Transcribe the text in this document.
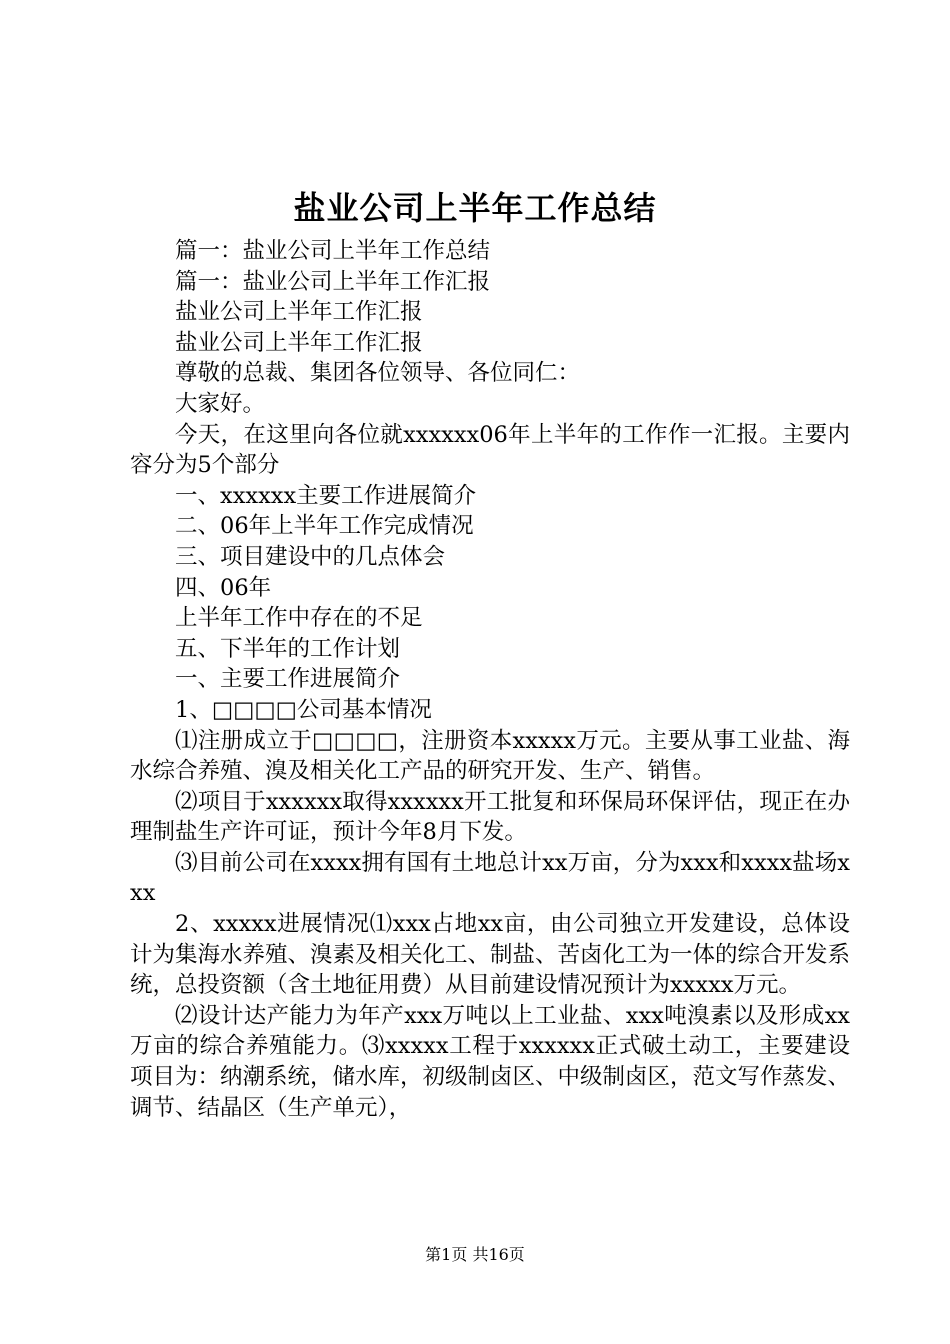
盐业公司上半年工作总结

篇一：盐业公司上半年工作总结

篇一：盐业公司上半年工作汇报

盐业公司上半年工作汇报

盐业公司上半年工作汇报

尊敬的总裁、集团各位领导、各位同仁：

大家好。

今天，在这里向各位就xxxxxx06年上半年的工作作一汇报。主要内容分为5个部分

一、xxxxxx主要工作进展简介

二、06年上半年工作完成情况

三、项目建设中的几点体会

四、06年

上半年工作中存在的不足

五、下半年的工作计划

一、主要工作进展简介

1、□□□□公司基本情况

⑴注册成立于□□□□，注册资本xxxxx万元。主要从事工业盐、海水综合养殖、溴及相关化工产品的研究开发、生产、销售。

⑵项目于xxxxxx取得xxxxxx开工批复和环保局环保评估，现正在办理制盐生产许可证，预计今年8月下发。

⑶目前公司在xxxx拥有国有土地总计xx万亩，分为xxx和xxxx盐场xxx

2、xxxxx进展情况⑴xxx占地xx亩，由公司独立开发建设，总体设计为集海水养殖、溴素及相关化工、制盐、苦卤化工为一体的综合开发系统，总投资额（含土地征用费）从目前建设情况预计为xxxxx万元。

⑵设计达产能力为年产xxx万吨以上工业盐、xxx吨溴素以及形成xx万亩的综合养殖能力。⑶xxxxx工程于xxxxxx正式破土动工，主要建设项目为：纳潮系统，储水库，初级制卤区、中级制卤区，范文写作蒸发、调节、结晶区（生产单元），

第1页 共16页
